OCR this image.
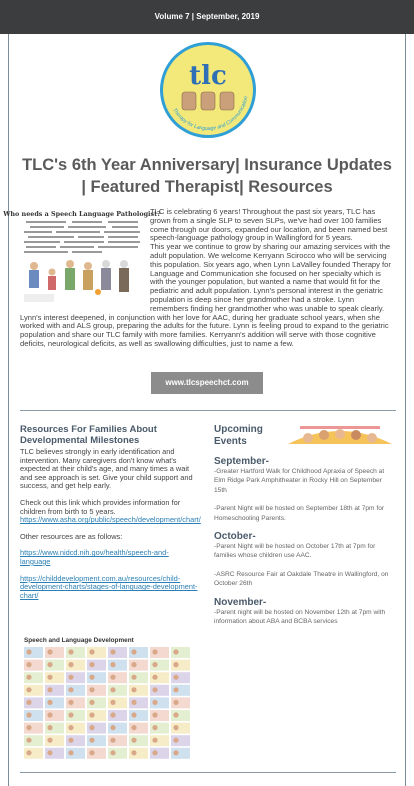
Volume 7 | September, 2019
Therapy for Language and Communication
tlc
TLC's 6th Year Anniversary| Insurance Updates | Featured Therapist| Resources
Who needs a Speech Language Pathologist?

TLC is celebrating 6 years! Throughout the past six years, TLC has grown from a single SLP to seven SLPs, we've had over 100 families come through our doors, expanded our location, and been named best speech-language pathology group in Wallingford for 5 years.

This year we continue to grow by sharing our amazing services with the adult population. We welcome Kerryann Scirocco who will be servicing this population. Six years ago, when Lynn LaValley founded Therapy for Language and Communication she focused on her specialty which is with the younger population, but wanted a name that would fit for the pediatric and adult population. Lynn's personal interest in the geriatric population is deep since her grandmother had a stroke. Lynn remembers finding her grandmother who was unable to speak clearly. Lynn's interest deepened, in conjunction with her love for AAC, during her graduate school years, when she worked with and ALS group, preparing the adults for the future. Lynn is feeling proud to expand to the geriatric population and share our TLC family with more families. Kerryann's addition will serve with those cognitive deficits, neurological deficits, as well as swallowing difficulties, just to name a few.

www.tlcspeechct.com
Resources For Families About Developmental Milestones

TLC believes strongly in early identification and intervention. Many caregivers don't know what's expected at their child's age, and many times a wait and see approach is set. Give your child support and success, and get help early.

Check out this link which provides information for children from birth to 5 years.
https://www.asha.org/public/speech/development/chart/

Other resources are as follows:

https://www.nidcd.nih.gov/health/speech-and-language

https://childdevelopment.com.au/resources/child-development-charts/stages-of-language-development-chart/

Speech and Language Development
Upcoming Events
September-
-Greater Hartford Walk for Childhood Apraxia of Speech at Elm Ridge Park Amphitheater in Rocky Hill on September 15th
-Parent Night will be hosted on September 18th at 7pm for Homeschooling Parents.
October-
-Parent Night will be hosted on October 17th at 7pm for families whose children use AAC.
-ASRC Resource Fair at Oakdale Theatre in Wallingford, on October 26th
November-
-Parent night will be hosted on November 12th at 7pm with information about ABA and BCBA services
